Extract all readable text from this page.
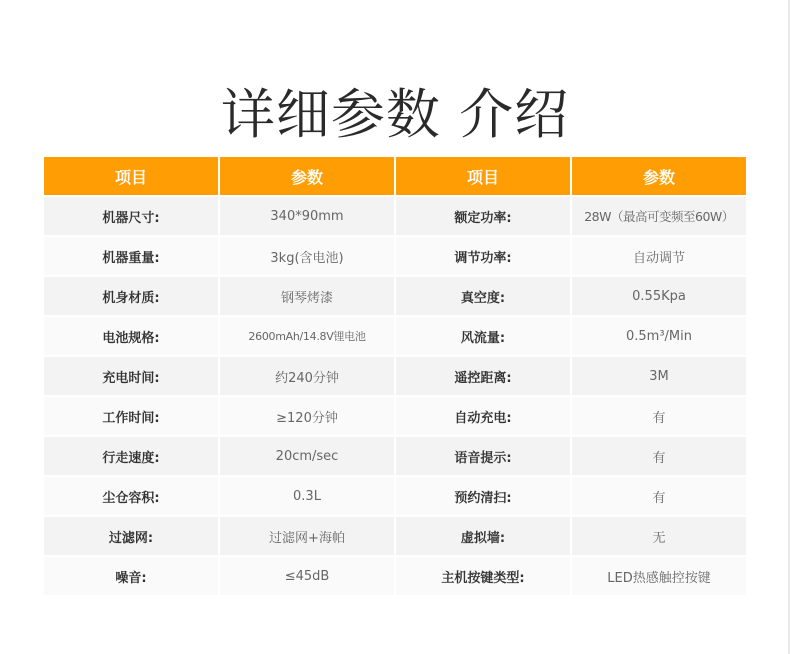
详细参数 介绍
项目	参数	项目	参数
机器尺寸:	340*90mm	额定功率:	28W（最高可变频至60W）
机器重量:	3kg(含电池)	调节功率:	自动调节
机身材质:	钢琴烤漆	真空度:	0.55Kpa
电池规格:	2600mAh/14.8V锂电池	风流量:	0.5m³/Min
充电时间:	约240分钟	遥控距离:	3M
工作时间:	≥120分钟	自动充电:	有
行走速度:	20cm/sec	语音提示:	有
尘仓容积:	0.3L	预约清扫:	有
过滤网:	过滤网+海帕	虚拟墙:	无
噪音:	≤45dB	主机按键类型:	LED热感触控按键
